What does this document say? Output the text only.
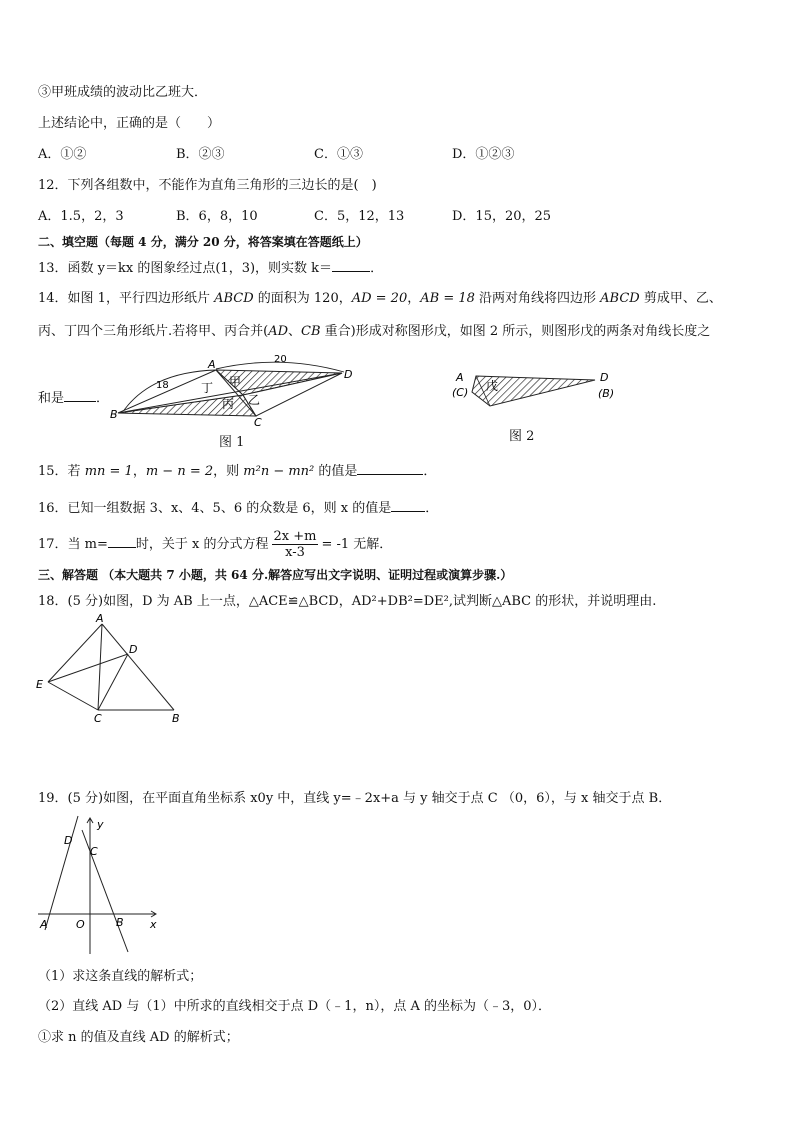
③甲班成绩的波动比乙班大．
上述结论中，正确的是（　　）
A．①②	B．②③	C．①③	D．①②③
12．下列各组数中，不能作为直角三角形的三边长的是(　)
A．1.5，2，3	B．6，8，10	C．5，12，13	D．15，20，25
二、填空题（每题 4 分，满分 20 分，将答案填在答题纸上）
13．函数 y＝kx 的图象经过点(1，3)，则实数 k＝	．
14．如图 1，平行四边形纸片 ABCD 的面积为 120，AD = 20，AB = 18 沿两对角线将四边形 ABCD 剪成甲、乙、
丙、丁四个三角形纸片.若将甲、丙合并(AD、CB 重合)形成对称图形戊，如图 2 所示，则图形戊的两条对角线长度之
和是 ．
A
B
C
D
18
20
甲
丁
丙 乙
图 1
A
(C)
D
(B)
戊
图 2
15．若 mn = 1，m − n = 2，则 m²n − mn² 的值是	．
16．已知一组数据 3、x、4、5、6 的众数是 6，则 x 的值是	．
17．当 m= 时，关于 x 的分式方程 $\frac{2x +m}{x-3} = -1$ 无解．
三、解答题 （本大题共 7 小题，共 64 分.解答应写出文字说明、证明过程或演算步骤.）
18．(5 分)如图，D 为 AB 上一点，△ACE≌△BCD，AD²+DB²=DE²,试判断△ABC 的形状，并说明理由.
A
D
E
C	B
19．(5 分)如图，在平面直角坐标系 x0y 中，直线 y=﹣2x+a 与 y 轴交于点 C （0，6），与 x 轴交于点 B．
y
x
D
C
O	B
A
（1）求这条直线的解析式；
（2）直线 AD 与（1）中所求的直线相交于点 D（﹣1，n），点 A 的坐标为（﹣3，0）．
①求 n 的值及直线 AD 的解析式；
